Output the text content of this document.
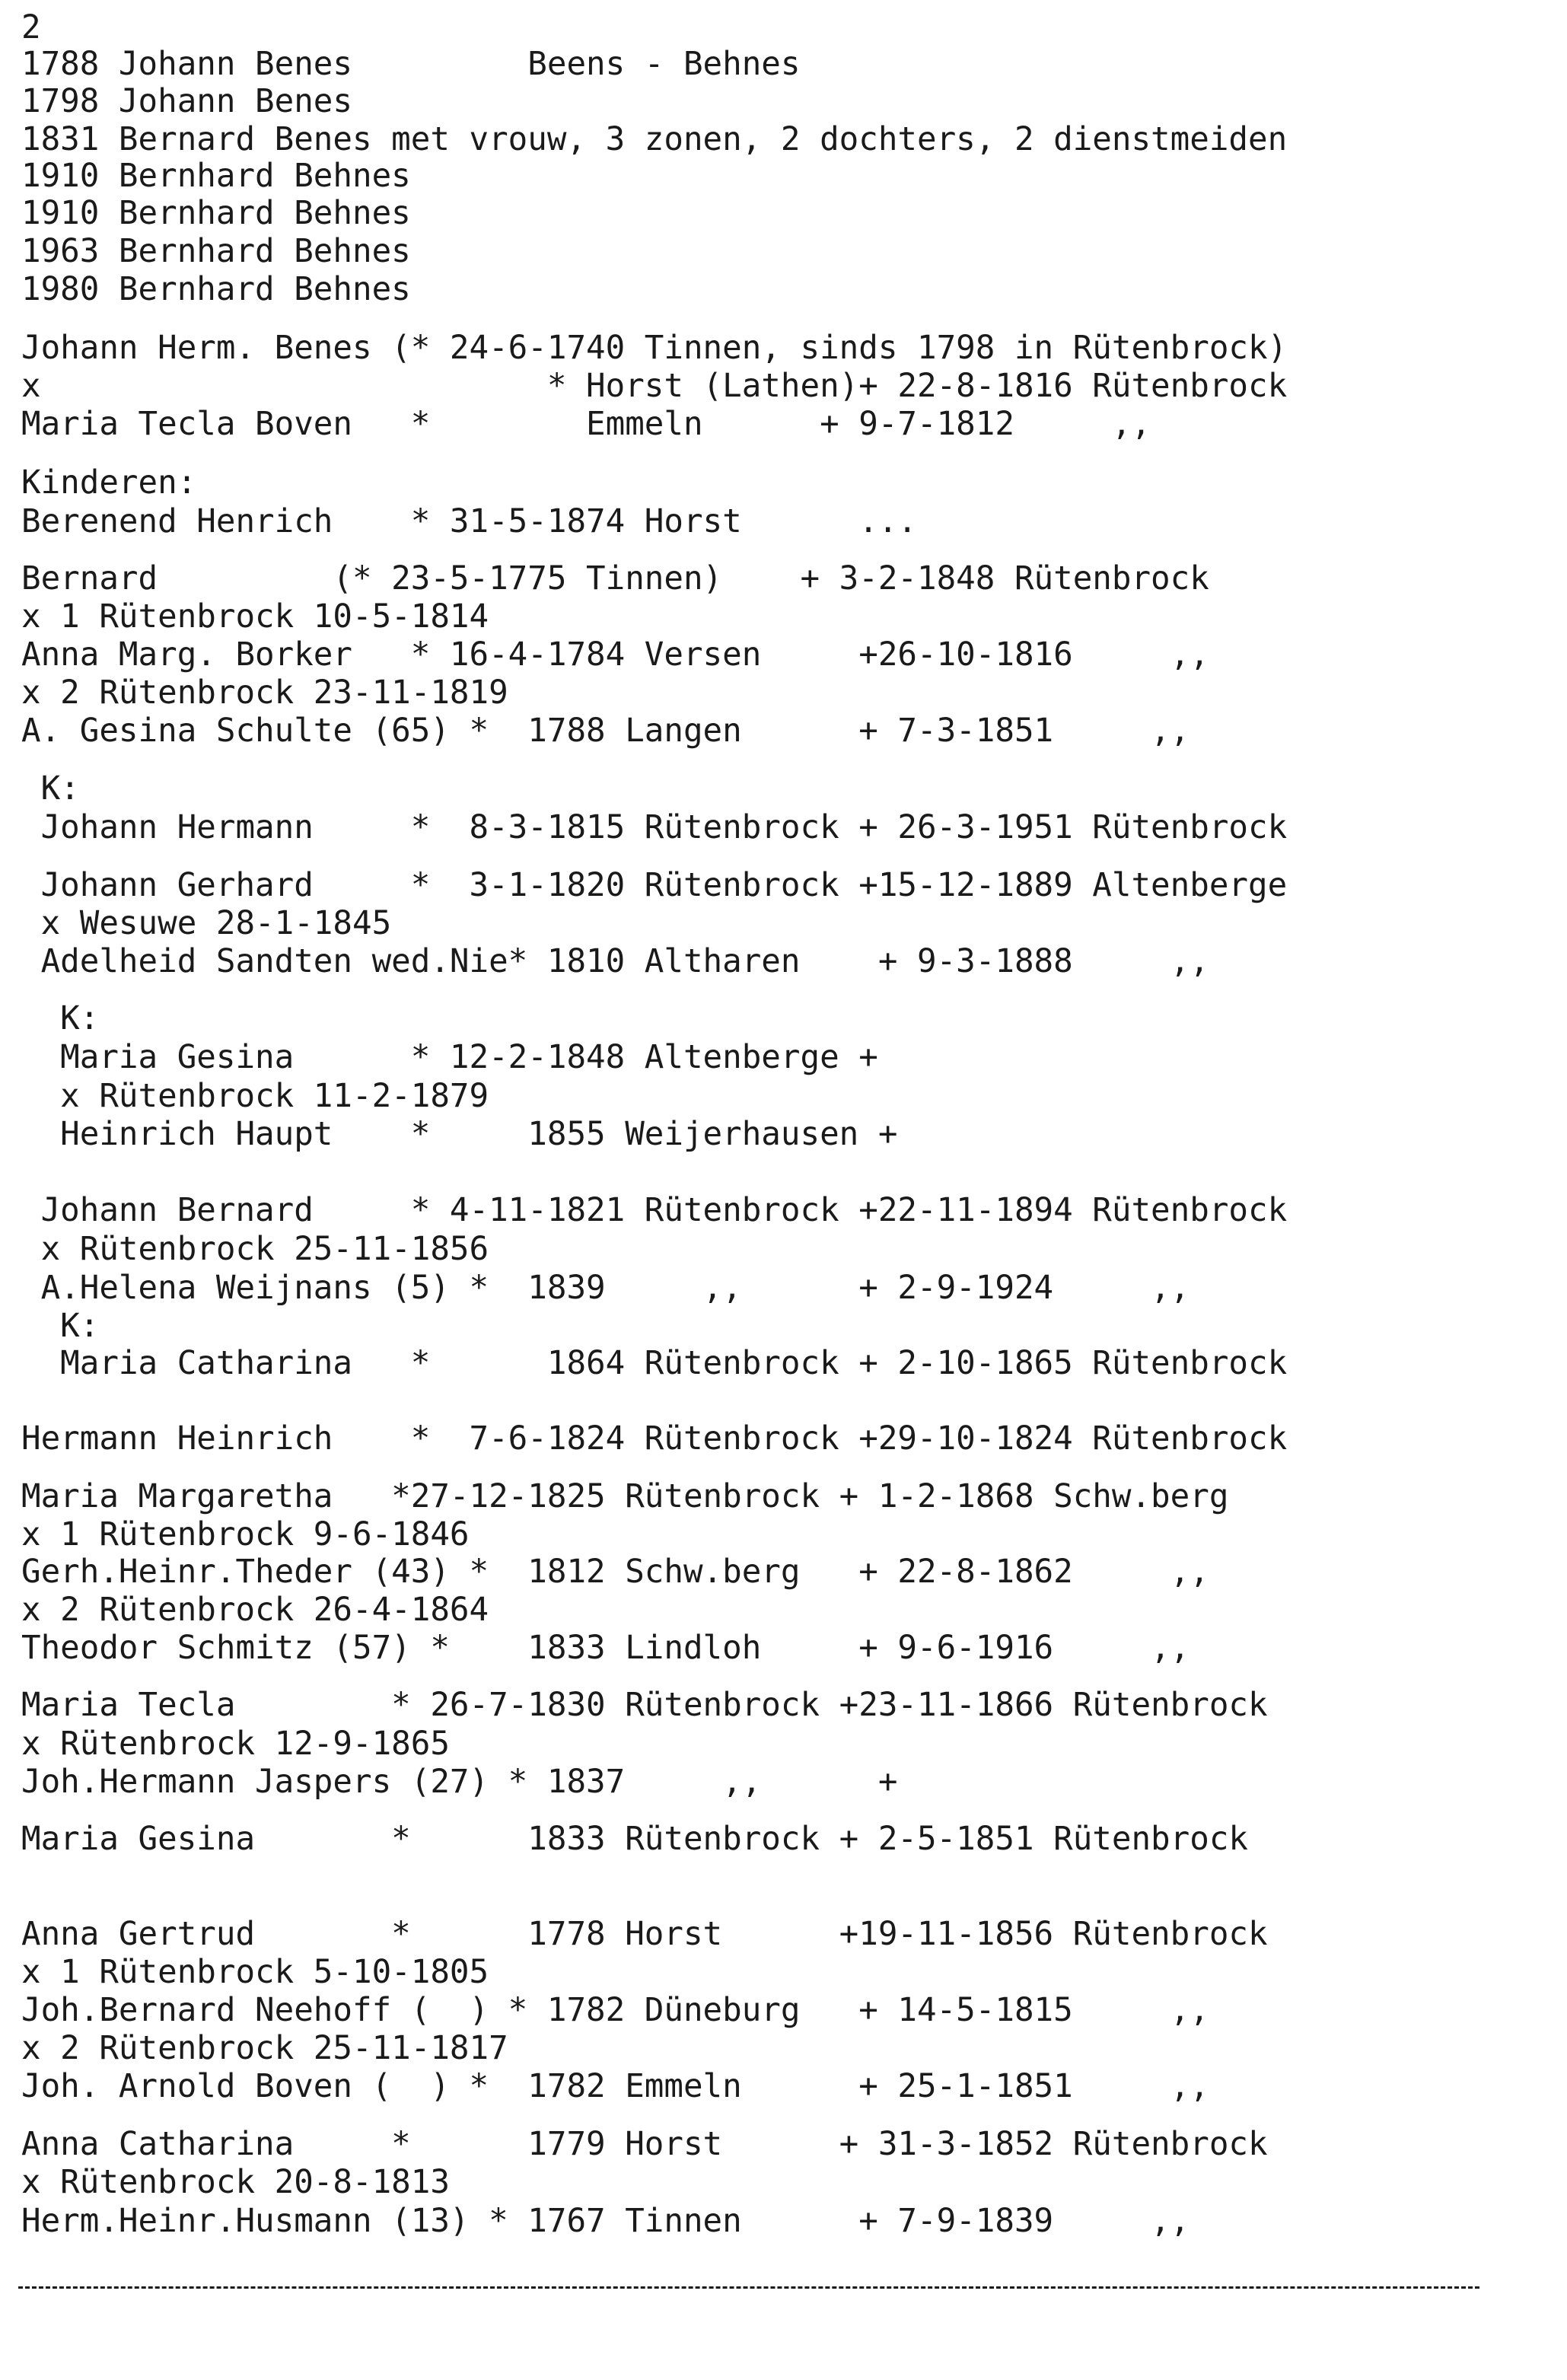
2
1788 Johann Benes         Beens - Behnes
1798 Johann Benes
1831 Bernard Benes met vrouw, 3 zonen, 2 dochters, 2 dienstmeiden
1910 Bernhard Behnes
1910 Bernhard Behnes
1963 Bernhard Behnes
1980 Bernhard Behnes
Johann Herm. Benes (* 24-6-1740 Tinnen, sinds 1798 in Rütenbrock)
x                          * Horst (Lathen)+ 22-8-1816 Rütenbrock
Maria Tecla Boven   *        Emmeln      + 9-7-1812     ,,
Kinderen:
Berenend Henrich    * 31-5-1874 Horst      ...
Bernard         (* 23-5-1775 Tinnen)    + 3-2-1848 Rütenbrock
x 1 Rütenbrock 10-5-1814
Anna Marg. Borker   * 16-4-1784 Versen     +26-10-1816     ,,
x 2 Rütenbrock 23-11-1819
A. Gesina Schulte (65) *  1788 Langen      + 7-3-1851     ,,
K:
Johann Hermann     *  8-3-1815 Rütenbrock + 26-3-1951 Rütenbrock
Johann Gerhard     *  3-1-1820 Rütenbrock +15-12-1889 Altenberge
x Wesuwe 28-1-1845
Adelheid Sandten wed.Nie* 1810 Altharen    + 9-3-1888     ,,
K:
Maria Gesina      * 12-2-1848 Altenberge +
x Rütenbrock 11-2-1879
Heinrich Haupt    *     1855 Weijerhausen +
Johann Bernard     * 4-11-1821 Rütenbrock +22-11-1894 Rütenbrock
x Rütenbrock 25-11-1856
A.Helena Weijnans (5) *  1839     ,,      + 2-9-1924     ,,
K:
Maria Catharina   *      1864 Rütenbrock + 2-10-1865 Rütenbrock
Hermann Heinrich    *  7-6-1824 Rütenbrock +29-10-1824 Rütenbrock
Maria Margaretha   *27-12-1825 Rütenbrock + 1-2-1868 Schw.berg
x 1 Rütenbrock 9-6-1846
Gerh.Heinr.Theder (43) *  1812 Schw.berg   + 22-8-1862     ,,
x 2 Rütenbrock 26-4-1864
Theodor Schmitz (57) *    1833 Lindloh     + 9-6-1916     ,,
Maria Tecla        * 26-7-1830 Rütenbrock +23-11-1866 Rütenbrock
x Rütenbrock 12-9-1865
Joh.Hermann Jaspers (27) * 1837     ,,      +
Maria Gesina       *      1833 Rütenbrock + 2-5-1851 Rütenbrock
Anna Gertrud       *      1778 Horst      +19-11-1856 Rütenbrock
x 1 Rütenbrock 5-10-1805
Joh.Bernard Neehoff (  ) * 1782 Düneburg   + 14-5-1815     ,,
x 2 Rütenbrock 25-11-1817
Joh. Arnold Boven (  ) *  1782 Emmeln      + 25-1-1851     ,,
Anna Catharina     *      1779 Horst      + 31-3-1852 Rütenbrock
x Rütenbrock 20-8-1813
Herm.Heinr.Husmann (13) * 1767 Tinnen      + 7-9-1839     ,,
